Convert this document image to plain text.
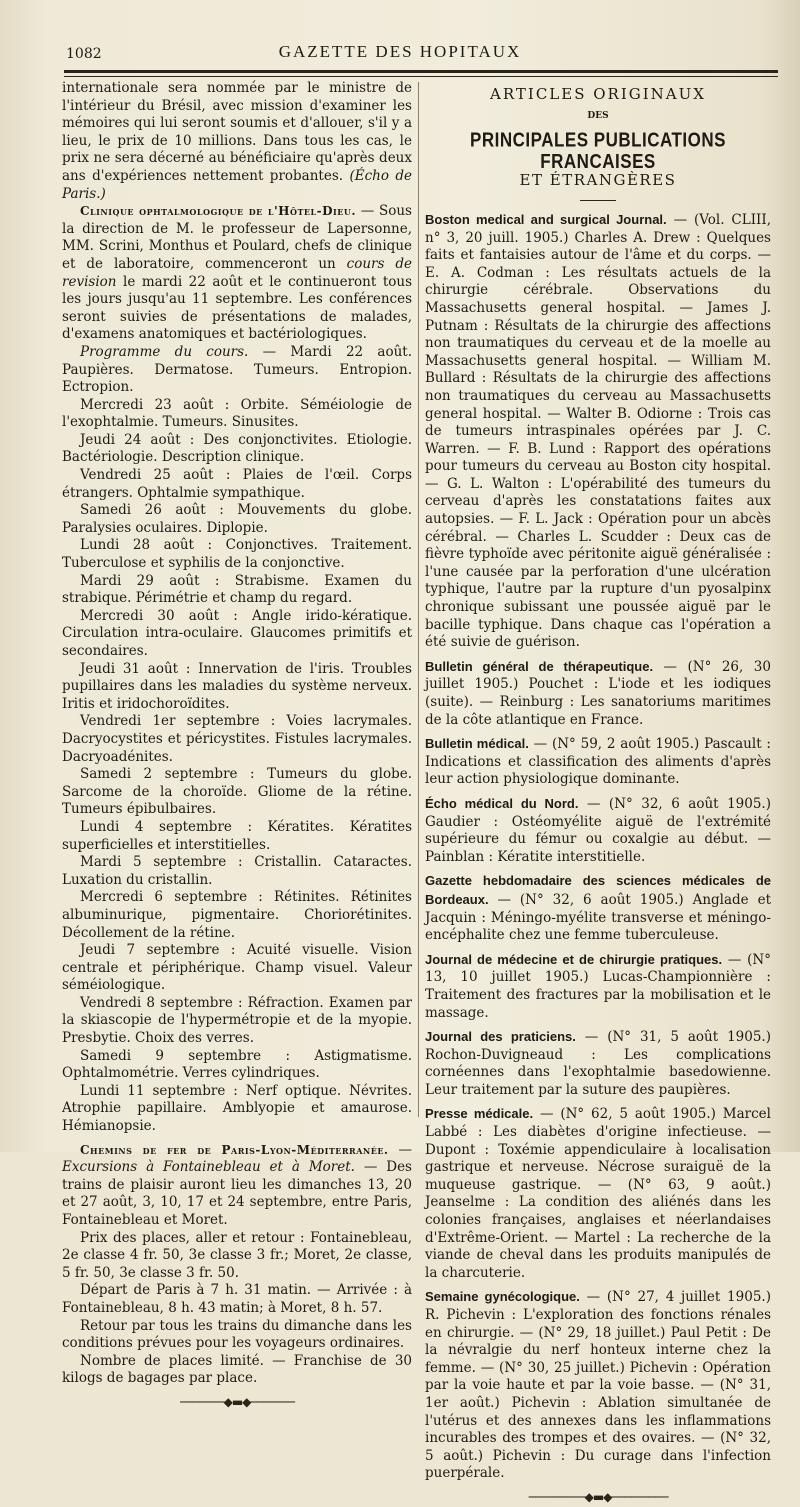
1082	GAZETTE DES HOPITAUX

internationale sera nommée par le ministre de l'intérieur du Brésil, avec mission d'examiner les mémoires qui lui seront soumis et d'allouer, s'il y a lieu, le prix de 10 millions. Dans tous les cas, le prix ne sera décerné au bénéficiaire qu'après deux ans d'expériences nettement probantes. (Écho de Paris.)

Clinique ophtalmologique de l'Hôtel-Dieu. — Sous la direction de M. le professeur de Lapersonne, MM. Scrini, Monthus et Poulard, chefs de clinique et de laboratoire, commenceront un cours de revision le mardi 22 août et le continueront tous les jours jusqu'au 11 septembre. Les conférences seront suivies de présentations de malades, d'examens anatomiques et bactériologiques.

Programme du cours. — Mardi 22 août. Paupières. Dermatose. Tumeurs. Entropion. Ectropion.

Mercredi 23 août : Orbite. Séméiologie de l'exophtalmie. Tumeurs. Sinusites.

Jeudi 24 août : Des conjonctivites. Etiologie. Bactériologie. Description clinique.

Vendredi 25 août : Plaies de l'œil. Corps étrangers. Ophtalmie sympathique.

Samedi 26 août : Mouvements du globe. Paralysies oculaires. Diplopie.

Lundi 28 août : Conjonctives. Traitement. Tuberculose et syphilis de la conjonctive.

Mardi 29 août : Strabisme. Examen du strabique. Périmétrie et champ du regard.

Mercredi 30 août : Angle irido-kératique. Circulation intra-oculaire. Glaucomes primitifs et secondaires.

Jeudi 31 août : Innervation de l'iris. Troubles pupillaires dans les maladies du système nerveux. Iritis et iridochoroïdites.

Vendredi 1er septembre : Voies lacrymales. Dacryocystites et péricystites. Fistules lacrymales. Dacryoadénites.

Samedi 2 septembre : Tumeurs du globe. Sarcome de la choroïde. Gliome de la rétine. Tumeurs épibulbaires.

Lundi 4 septembre : Kératites. Kératites superficielles et interstitielles.

Mardi 5 septembre : Cristallin. Cataractes. Luxation du cristallin.

Mercredi 6 septembre : Rétinites. Rétinites albuminurique, pigmentaire. Choriorétinites. Décollement de la rétine.

Jeudi 7 septembre : Acuité visuelle. Vision centrale et périphérique. Champ visuel. Valeur séméiologique.

Vendredi 8 septembre : Réfraction. Examen par la skiascopie de l'hypermétropie et de la myopie. Presbytie. Choix des verres.

Samedi 9 septembre : Astigmatisme. Ophtalmométrie. Verres cylindriques.

Lundi 11 septembre : Nerf optique. Névrites. Atrophie papillaire. Amblyopie et amaurose. Hémianopsie.

Chemins de fer de Paris-Lyon-Méditerranée. — Excursions à Fontainebleau et à Moret. — Des trains de plaisir auront lieu les dimanches 13, 20 et 27 août, 3, 10, 17 et 24 septembre, entre Paris, Fontainebleau et Moret.

Prix des places, aller et retour : Fontainebleau, 2e classe 4 fr. 50, 3e classe 3 fr.; Moret, 2e classe, 5 fr. 50, 3e classe 3 fr. 50.

Départ de Paris à 7 h. 31 matin. — Arrivée : à Fontainebleau, 8 h. 43 matin; à Moret, 8 h. 57.

Retour par tous les trains du dimanche dans les conditions prévues pour les voyageurs ordinaires.

Nombre de places limité. — Franchise de 30 kilogs de bagages par place.

───────◆▬◆───────
ARTICLES ORIGINAUX
DES
PRINCIPALES PUBLICATIONS FRANCAISES
ET ÉTRANGÈRES

Boston medical and surgical Journal. — (Vol. CLIII, n° 3, 20 juill. 1905.) Charles A. Drew : Quelques faits et fantaisies autour de l'âme et du corps. — E. A. Codman : Les résultats actuels de la chirurgie cérébrale. Observations du Massachusetts general hospital. — James J. Putnam : Résultats de la chirurgie des affections non traumatiques du cerveau et de la moelle au Massachusetts general hospital. — William M. Bullard : Résultats de la chirurgie des affections non traumatiques du cerveau au Massachusetts general hospital. — Walter B. Odiorne : Trois cas de tumeurs intraspinales opérées par J. C. Warren. — F. B. Lund : Rapport des opérations pour tumeurs du cerveau au Boston city hospital. — G. L. Walton : L'opérabilité des tumeurs du cerveau d'après les constatations faites aux autopsies. — F. L. Jack : Opération pour un abcès cérébral. — Charles L. Scudder : Deux cas de fièvre typhoïde avec péritonite aiguë généralisée : l'une causée par la perforation d'une ulcération typhique, l'autre par la rupture d'un pyosalpinx chronique subissant une poussée aiguë par le bacille typhique. Dans chaque cas l'opération a été suivie de guérison.

Bulletin général de thérapeutique. — (N° 26, 30 juillet 1905.) Pouchet : L'iode et les iodiques (suite). — Reinburg : Les sanatoriums maritimes de la côte atlantique en France.

Bulletin médical. — (N° 59, 2 août 1905.) Pascault : Indications et classification des aliments d'après leur action physiologique dominante.

Écho médical du Nord. — (N° 32, 6 août 1905.) Gaudier : Ostéomyélite aiguë de l'extrémité supérieure du fémur ou coxalgie au début. — Painblan : Kératite interstitielle.

Gazette hebdomadaire des sciences médicales de Bordeaux. — (N° 32, 6 août 1905.) Anglade et Jacquin : Méningo-myélite transverse et méningo-encéphalite chez une femme tuberculeuse.

Journal de médecine et de chirurgie pratiques. — (N° 13, 10 juillet 1905.) Lucas-Championnière : Traitement des fractures par la mobilisation et le massage.

Journal des praticiens. — (N° 31, 5 août 1905.) Rochon-Duvigneaud : Les complications cornéennes dans l'exophtalmie basedowienne. Leur traitement par la suture des paupières.

Presse médicale. — (N° 62, 5 août 1905.) Marcel Labbé : Les diabètes d'origine infectieuse. — Dupont : Toxémie appendiculaire à localisation gastrique et nerveuse. Nécrose suraiguë de la muqueuse gastrique. — (N° 63, 9 août.) Jeanselme : La condition des aliénés dans les colonies françaises, anglaises et néerlandaises d'Extrême-Orient. — Martel : La recherche de la viande de cheval dans les produits manipulés de la charcuterie.

Semaine gynécologique. — (N° 27, 4 juillet 1905.) R. Pichevin : L'exploration des fonctions rénales en chirurgie. — (N° 29, 18 juillet.) Paul Petit : De la névralgie du nerf honteux interne chez la femme. — (N° 30, 25 juillet.) Pichevin : Opération par la voie haute et par la voie basse. — (N° 31, 1er août.) Pichevin : Ablation simultanée de l'utérus et des annexes dans les inflammations incurables des trompes et des ovaires. — (N° 32, 5 août.) Pichevin : Du curage dans l'infection puerpérale.

─────────◆▬◆─────────
